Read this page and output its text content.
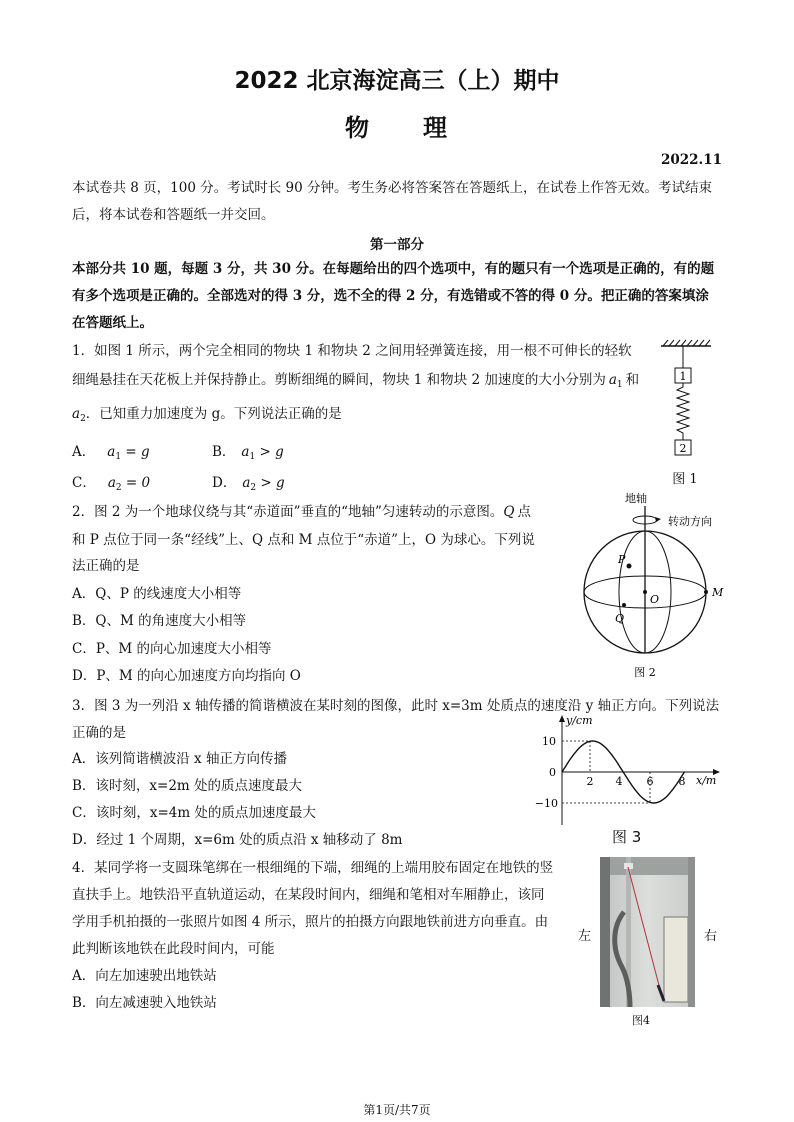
2022 北京海淀高三（上）期中
物　　理
2022.11
本试卷共 8 页，100 分。考试时长 90 分钟。考生务必将答案答在答题纸上，在试卷上作答无效。考试结束
后，将本试卷和答题纸一并交回。
第一部分
本部分共 10 题，每题 3 分，共 30 分。在每题给出的四个选项中，有的题只有一个选项是正确的，有的题
有多个选项是正确的。全部选对的得 3 分，选不全的得 2 分，有选错或不答的得 0 分。把正确的答案填涂
在答题纸上。
1．如图 1 所示，两个完全相同的物块 1 和物块 2 之间用轻弹簧连接，用一根不可伸长的轻软
细绳悬挂在天花板上并保持静止。剪断细绳的瞬间，物块 1 和物块 2 加速度的大小分别为 $a_1$ 和
$a_2$．已知重力加速度为 g。下列说法正确的是
A． $a_1 = g$	B． $a_1 > g$
C． $a_2 = 0$	D． $a_2 > g$
1
2
图 1
2．图 2 为一个地球仪绕与其“赤道面”垂直的“地轴”匀速转动的示意图。Q 点
和 P 点位于同一条“经线”上、Q 点和 M 点位于“赤道”上，O 为球心。下列说
法正确的是
A．Q、P 的线速度大小相等
B．Q、M 的角速度大小相等
C．P、M 的向心加速度大小相等
D．P、M 的向心加速度方向均指向 O
地轴
转动方向
P
O
M
Q
图 2
3．图 3 为一列沿 x 轴传播的简谐横波在某时刻的图像，此时 x=3m 处质点的速度沿 y 轴正方向。下列说法
正确的是
A．该列简谐横波沿 x 轴正方向传播
B．该时刻，x=2m 处的质点速度最大
C．该时刻，x=4m 处的质点加速度最大
D．经过 1 个周期，x=6m 处的质点沿 x 轴移动了 8m
y/cm
x/m
10
0
−10
2 4 6 8
图 3
4．某同学将一支圆珠笔绑在一根细绳的下端，细绳的上端用胶布固定在地铁的竖
直扶手上。地铁沿平直轨道运动，在某段时间内，细绳和笔相对车厢静止，该同
学用手机拍摄的一张照片如图 4 所示，照片的拍摄方向跟地铁前进方向垂直。由
此判断该地铁在此段时间内，可能
A．向左加速驶出地铁站
B．向左减速驶入地铁站
左	右
图4
第1页/共7页
